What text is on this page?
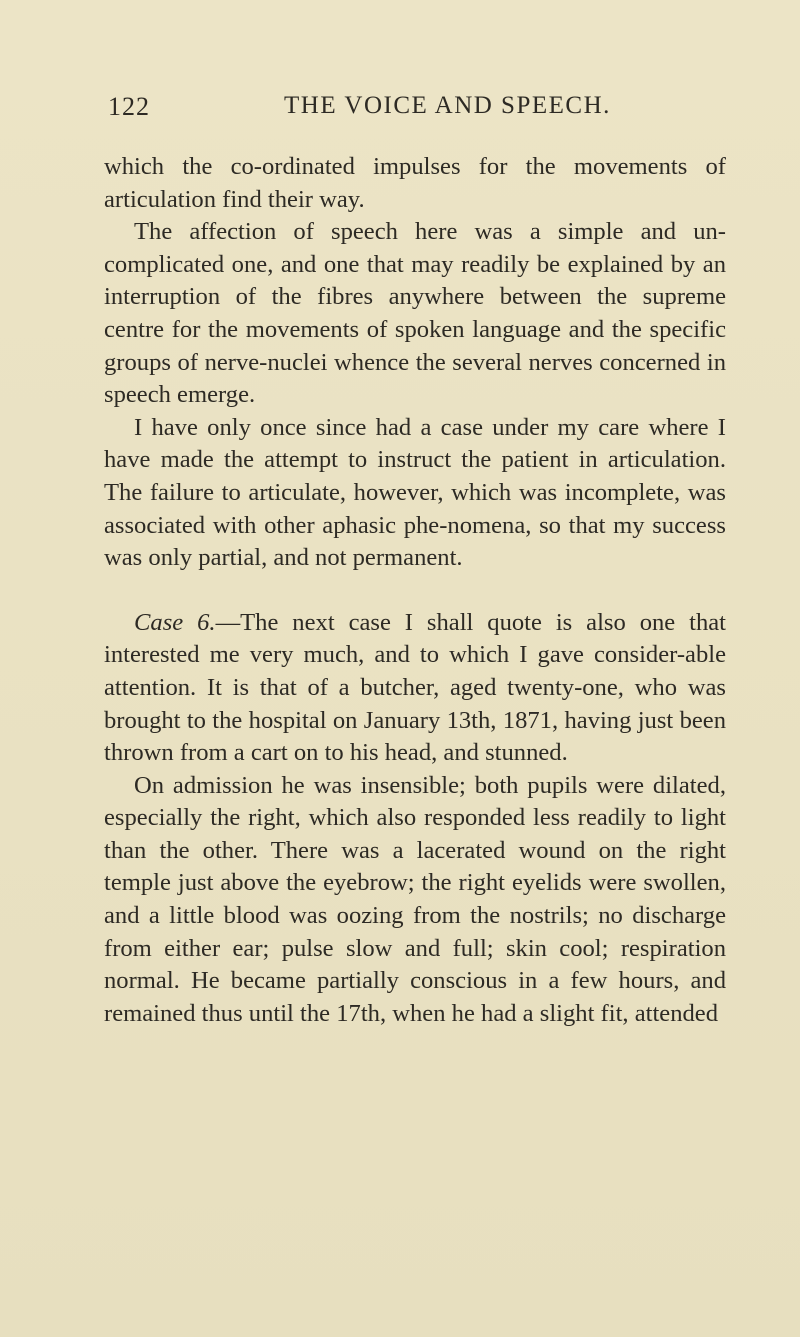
122	THE VOICE AND SPEECH.

which the co-ordinated impulses for the movements of articulation find their way.

The affection of speech here was a simple and un-complicated one, and one that may readily be explained by an interruption of the fibres anywhere between the supreme centre for the movements of spoken language and the specific groups of nerve-nuclei whence the several nerves concerned in speech emerge.

I have only once since had a case under my care where I have made the attempt to instruct the patient in articulation. The failure to articulate, however, which was incomplete, was associated with other aphasic phe-nomena, so that my success was only partial, and not permanent.

Case 6.—The next case I shall quote is also one that interested me very much, and to which I gave consider-able attention. It is that of a butcher, aged twenty-one, who was brought to the hospital on January 13th, 1871, having just been thrown from a cart on to his head, and stunned.

On admission he was insensible; both pupils were dilated, especially the right, which also responded less readily to light than the other. There was a lacerated wound on the right temple just above the eyebrow; the right eyelids were swollen, and a little blood was oozing from the nostrils; no discharge from either ear; pulse slow and full; skin cool; respiration normal. He became partially conscious in a few hours, and remained thus until the 17th, when he had a slight fit, attended
